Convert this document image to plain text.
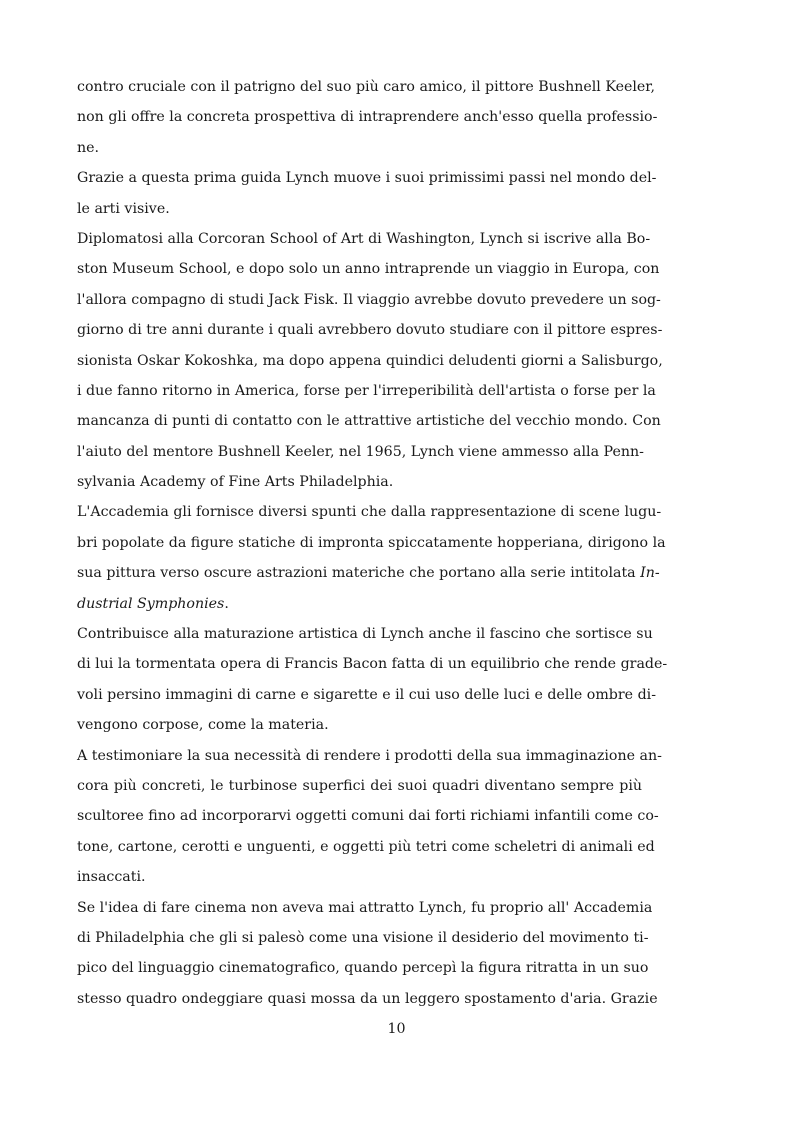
contro cruciale con il patrigno del suo più caro amico, il pittore Bushnell Keeler,
non gli offre la concreta prospettiva di intraprendere anch'esso quella professio-
ne.
Grazie a questa prima guida Lynch muove i suoi primissimi passi nel mondo del-
le arti visive.
Diplomatosi alla Corcoran School of Art di Washington, Lynch si iscrive alla Bo-
ston Museum School, e dopo solo un anno intraprende un viaggio in Europa, con
l'allora compagno di studi Jack Fisk. Il viaggio avrebbe dovuto prevedere un sog-
giorno di tre anni durante i quali avrebbero dovuto studiare con il pittore espres-
sionista Oskar Kokoshka, ma dopo appena quindici deludenti giorni a Salisburgo,
i due fanno ritorno in America, forse per l'irreperibilità dell'artista o forse per la
mancanza di punti di contatto con le attrattive artistiche del vecchio mondo. Con
l'aiuto del mentore Bushnell Keeler, nel 1965, Lynch viene ammesso alla Penn-
sylvania Academy of Fine Arts Philadelphia.
L'Accademia gli fornisce diversi spunti che dalla rappresentazione di scene lugu-
bri popolate da figure statiche di impronta spiccatamente hopperiana, dirigono la
sua pittura verso oscure astrazioni materiche che portano alla serie intitolata In-
dustrial Symphonies.
Contribuisce alla maturazione artistica di Lynch anche il fascino che sortisce su
di lui la tormentata opera di Francis Bacon fatta di un equilibrio che rende grade-
voli persino immagini di carne e sigarette e il cui uso delle luci e delle ombre di-
vengono corpose, come la materia.
A testimoniare la sua necessità di rendere i prodotti della sua immaginazione an-
cora più concreti, le turbinose superfici dei suoi quadri diventano sempre più
scultoree fino ad incorporarvi oggetti comuni dai forti richiami infantili come co-
tone, cartone, cerotti e unguenti, e oggetti più tetri come scheletri di animali ed
insaccati.
Se l'idea di fare cinema non aveva mai attratto Lynch, fu proprio all' Accademia
di Philadelphia che gli si palesò come una visione il desiderio del movimento ti-
pico del linguaggio cinematografico, quando percepì la figura ritratta in un suo
stesso quadro ondeggiare quasi mossa da un leggero spostamento d'aria. Grazie
10
